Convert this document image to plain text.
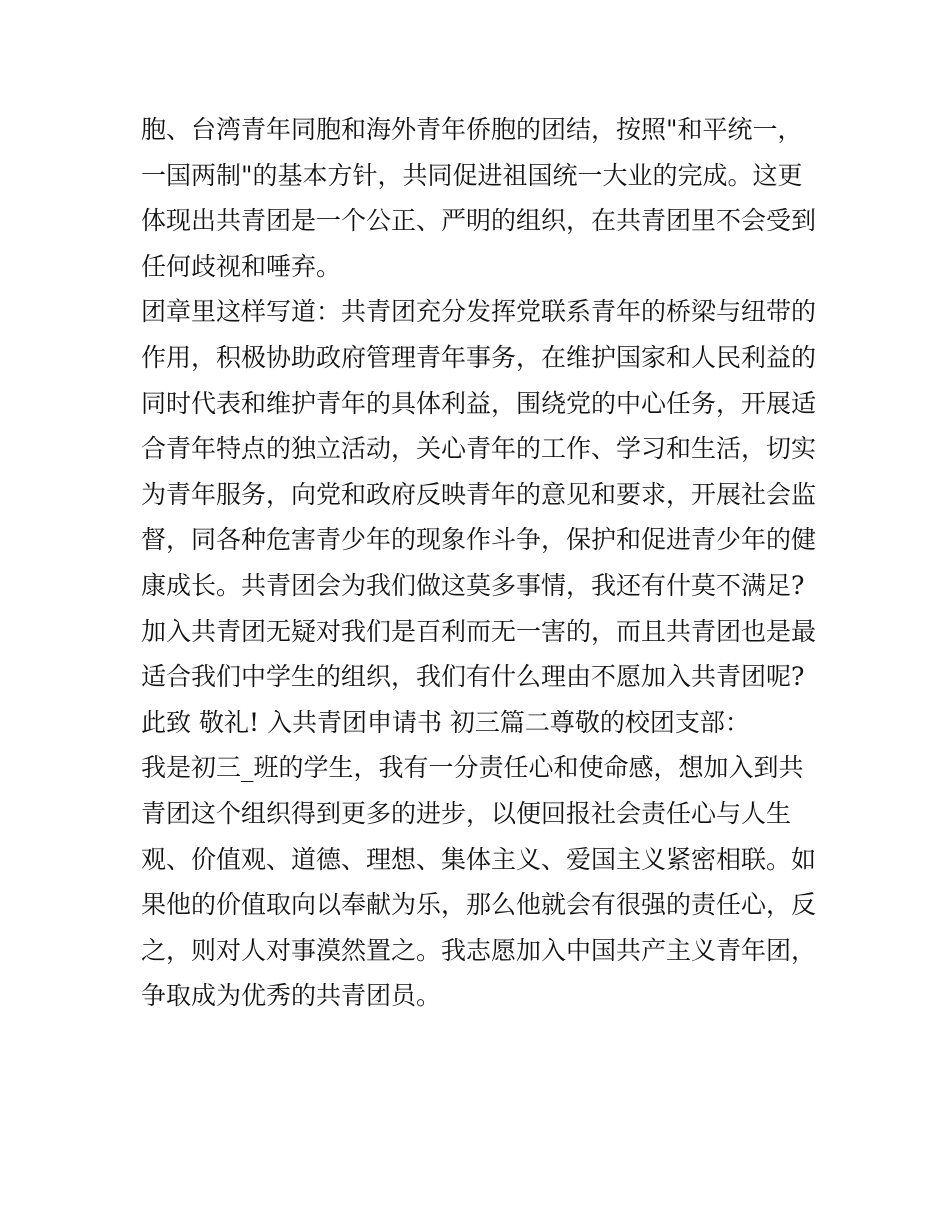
胞、台湾青年同胞和海外青年侨胞的团结，按照"和平统一，
一国两制"的基本方针，共同促进祖国统一大业的完成。这更
体现出共青团是一个公正、严明的组织，在共青团里不会受到
任何歧视和唾弃。
团章里这样写道：共青团充分发挥党联系青年的桥梁与纽带的
作用，积极协助政府管理青年事务，在维护国家和人民利益的
同时代表和维护青年的具体利益，围绕党的中心任务，开展适
合青年特点的独立活动，关心青年的工作、学习和生活，切实
为青年服务，向党和政府反映青年的意见和要求，开展社会监
督，同各种危害青少年的现象作斗争，保护和促进青少年的健
康成长。共青团会为我们做这莫多事情，我还有什莫不满足?
加入共青团无疑对我们是百利而无一害的，而且共青团也是最
适合我们中学生的组织，我们有什么理由不愿加入共青团呢?
此致 敬礼! 入共青团申请书 初三篇二尊敬的校团支部：
我是初三_班的学生，我有一分责任心和使命感，想加入到共
青团这个组织得到更多的进步，以便回报社会责任心与人生
观、价值观、道德、理想、集体主义、爱国主义紧密相联。如
果他的价值取向以奉献为乐，那么他就会有很强的责任心，反
之，则对人对事漠然置之。我志愿加入中国共产主义青年团，
争取成为优秀的共青团员。
